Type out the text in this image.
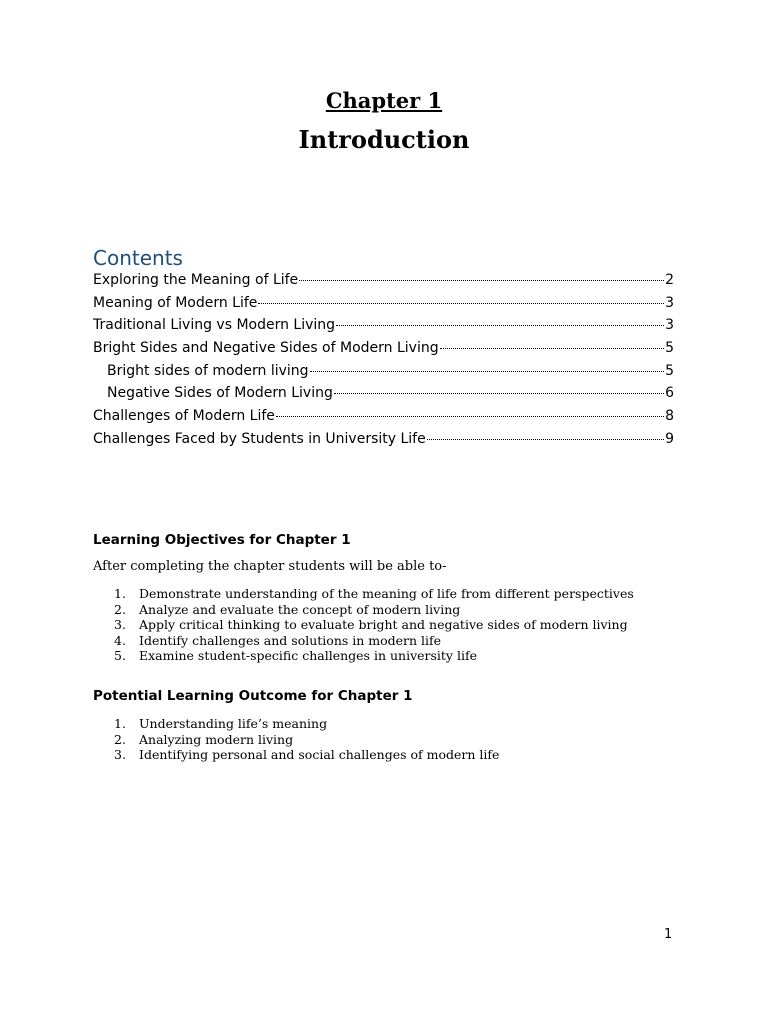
Chapter 1
Introduction
Contents
Exploring the Meaning of Life	2
Meaning of Modern Life	3
Traditional Living vs Modern Living	3
Bright Sides and Negative Sides of Modern Living	5
Bright sides of modern living	5
Negative Sides of Modern Living	6
Challenges of Modern Life	8
Challenges Faced by Students in University Life	9
Learning Objectives for Chapter 1
After completing the chapter students will be able to-
1.	Demonstrate understanding of the meaning of life from different perspectives
2.	Analyze and evaluate the concept of modern living
3.	Apply critical thinking to evaluate bright and negative sides of modern living
4.	Identify challenges and solutions in modern life
5.	Examine student-specific challenges in university life
Potential Learning Outcome for Chapter 1
1.	Understanding life’s meaning
2.	Analyzing modern living
3.	Identifying personal and social challenges of modern life
1
